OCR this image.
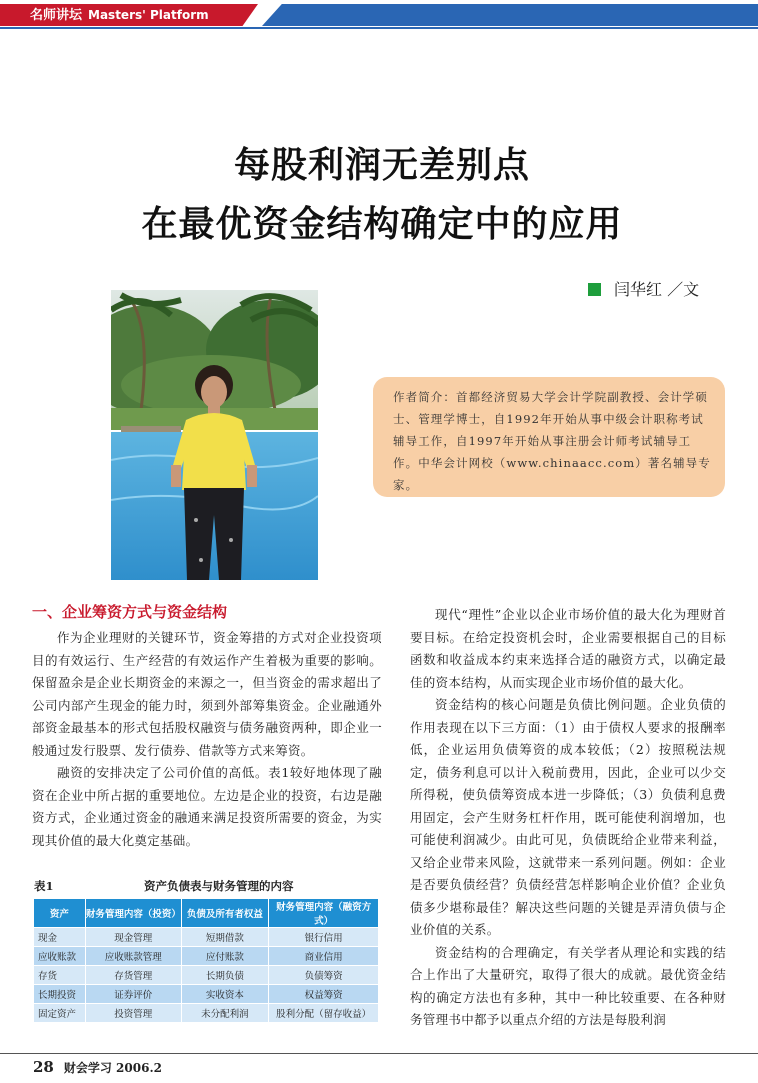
名师讲坛 Masters' Platform
每股利润无差别点
在最优资金结构确定中的应用
闫华红 ／文
作者简介：首都经济贸易大学会计学院副教授、会计学硕士、管理学博士，自1992年开始从事中级会计职称考试辅导工作，自1997年开始从事注册会计师考试辅导工作。中华会计网校（www.chinaacc.com）著名辅导专家。
一、企业筹资方式与资金结构

作为企业理财的关键环节，资金筹措的方式对企业投资项目的有效运行、生产经营的有效运作产生着极为重要的影响。保留盈余是企业长期资金的来源之一，但当资金的需求超出了公司内部产生现金的能力时，须到外部筹集资金。企业融通外部资金最基本的形式包括股权融资与债务融资两种，即企业一般通过发行股票、发行债券、借款等方式来筹资。

融资的安排决定了公司价值的高低。表1较好地体现了融资在企业中所占据的重要地位。左边是企业的投资，右边是融资方式，企业通过资金的融通来满足投资所需要的资金，为实现其价值的最大化奠定基础。

表1	资产负债表与财务管理的内容
资产	财务管理内容（投资）	负债及所有者权益	财务管理内容（融资方式）
现金	现金管理	短期借款	银行信用
应收账款	应收账款管理	应付账款	商业信用
存货	存货管理	长期负债	负债筹资
长期投资	证券评价	实收资本	权益筹资
固定资产	投资管理	未分配利润	股利分配（留存收益）

现代“理性”企业以企业市场价值的最大化为理财首要目标。在给定投资机会时，企业需要根据自己的目标函数和收益成本约束来选择合适的融资方式，以确定最佳的资本结构，从而实现企业市场价值的最大化。

资金结构的核心问题是负债比例问题。企业负债的作用表现在以下三方面：（1）由于债权人要求的报酬率低，企业运用负债筹资的成本较低；（2）按照税法规定，债务利息可以计入税前费用，因此，企业可以少交所得税，使负债筹资成本进一步降低；（3）负债利息费用固定，会产生财务杠杆作用，既可能使利润增加，也可能使利润减少。由此可见，负债既给企业带来利益，又给企业带来风险，这就带来一系列问题。例如：企业是否要负债经营？负债经营怎样影响企业价值？企业负债多少堪称最佳？解决这些问题的关键是弄清负债与企业价值的关系。

资金结构的合理确定，有关学者从理论和实践的结合上作出了大量研究，取得了很大的成就。最优资金结构的确定方法也有多种，其中一种比较重要、在各种财务管理书中都予以重点介绍的方法是每股利润

28 财会学习 2006.2
